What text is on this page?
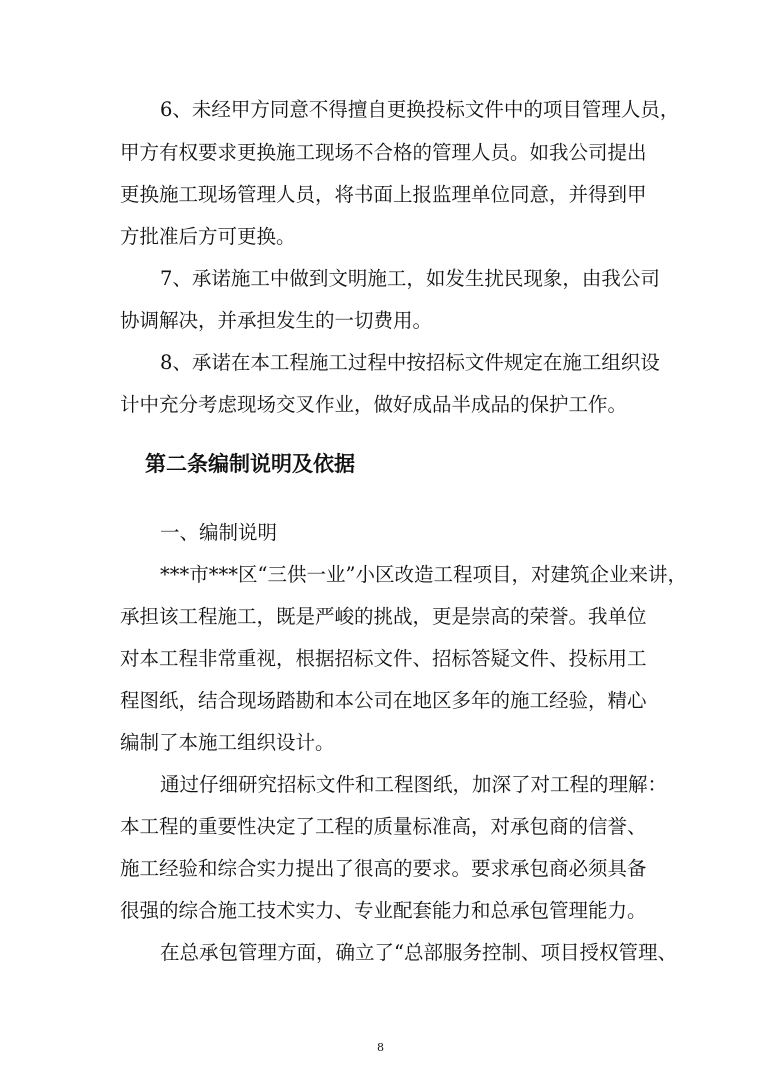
6、未经甲方同意不得擅自更换投标文件中的项目管理人员，
甲方有权要求更换施工现场不合格的管理人员。如我公司提出
更换施工现场管理人员，将书面上报监理单位同意，并得到甲
方批准后方可更换。
7、承诺施工中做到文明施工，如发生扰民现象，由我公司
协调解决，并承担发生的一切费用。
8、承诺在本工程施工过程中按招标文件规定在施工组织设
计中充分考虑现场交叉作业，做好成品半成品的保护工作。
第二条编制说明及依据
一、编制说明
***市***区“三供一业”小区改造工程项目，对建筑企业来讲，
承担该工程施工，既是严峻的挑战，更是崇高的荣誉。我单位
对本工程非常重视，根据招标文件、招标答疑文件、投标用工
程图纸，结合现场踏勘和本公司在地区多年的施工经验，精心
编制了本施工组织设计。
通过仔细研究招标文件和工程图纸，加深了对工程的理解：
本工程的重要性决定了工程的质量标准高，对承包商的信誉、
施工经验和综合实力提出了很高的要求。要求承包商必须具备
很强的综合施工技术实力、专业配套能力和总承包管理能力。
在总承包管理方面，确立了“总部服务控制、项目授权管理、
8
